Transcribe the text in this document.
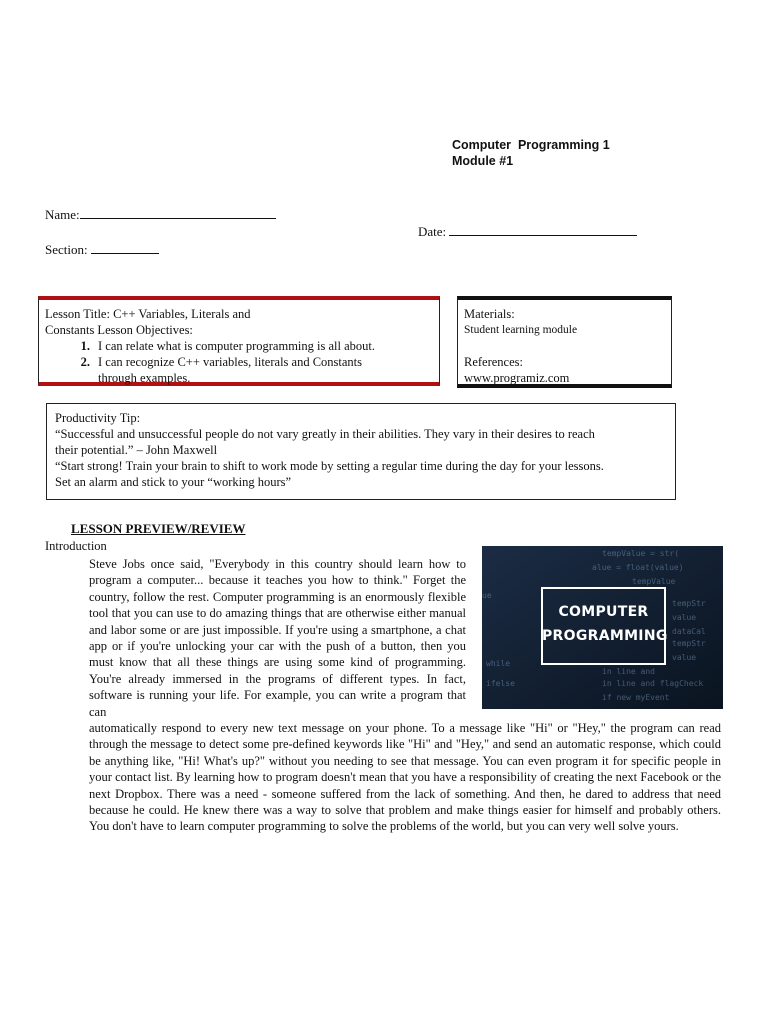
Computer  Programming 1
Module #1
Name:
Section:
Date:
Lesson Title: C++ Variables, Literals and
Constants Lesson Objectives:
1. I can relate what is computer programming is all about.
2. I can recognize C++ variables, literals and Constants
through examples.
Materials:
Student learning module
References:
www.programiz.com
Productivity Tip:
“Successful and unsuccessful people do not vary greatly in their abilities. They vary in their desires to reach
their potential.” – John Maxwell
“Start strong! Train your brain to shift to work mode by setting a regular time during the day for your lessons.
Set an alarm and stick to your “working hours”
LESSON PREVIEW/REVIEW
Introduction
Steve Jobs once said, "Everybody in this country should learn how to program a computer... because it teaches you how to think." Forget the country, follow the rest. Computer programming is an enormously flexible tool that you can use to do amazing things that are otherwise either manual and labor some or are just impossible. If you're using a smartphone, a chat app or if you're unlocking your car with the push of a button, then you must know that all these things are using some kind of programming. You're already immersed in the programs of different types. In fact, software is running your life. For example, you can write a program that can
tempValue = str(
alue = float(value)
tempValue
ue
tempStr
value
dataCal
tempStr
value
in line and
in line and flagCheck
if new myEvent
while
ifelse
COMPUTER
PROGRAMMING
automatically respond to every new text message on your phone. To a message like "Hi" or "Hey," the program can read through the message to detect some pre-defined keywords like "Hi" and "Hey," and send an automatic response, which could be anything like, "Hi! What's up?" without you needing to see that message. You can even program it for specific people in your contact list. By learning how to program doesn't mean that you have a responsibility of creating the next Facebook or the next Dropbox. There was a need - someone suffered from the lack of something. And then, he dared to address that need because he could. He knew there was a way to solve that problem and make things easier for himself and probably others. You don't have to learn computer programming to solve the problems of the world, but you can very well solve yours.
